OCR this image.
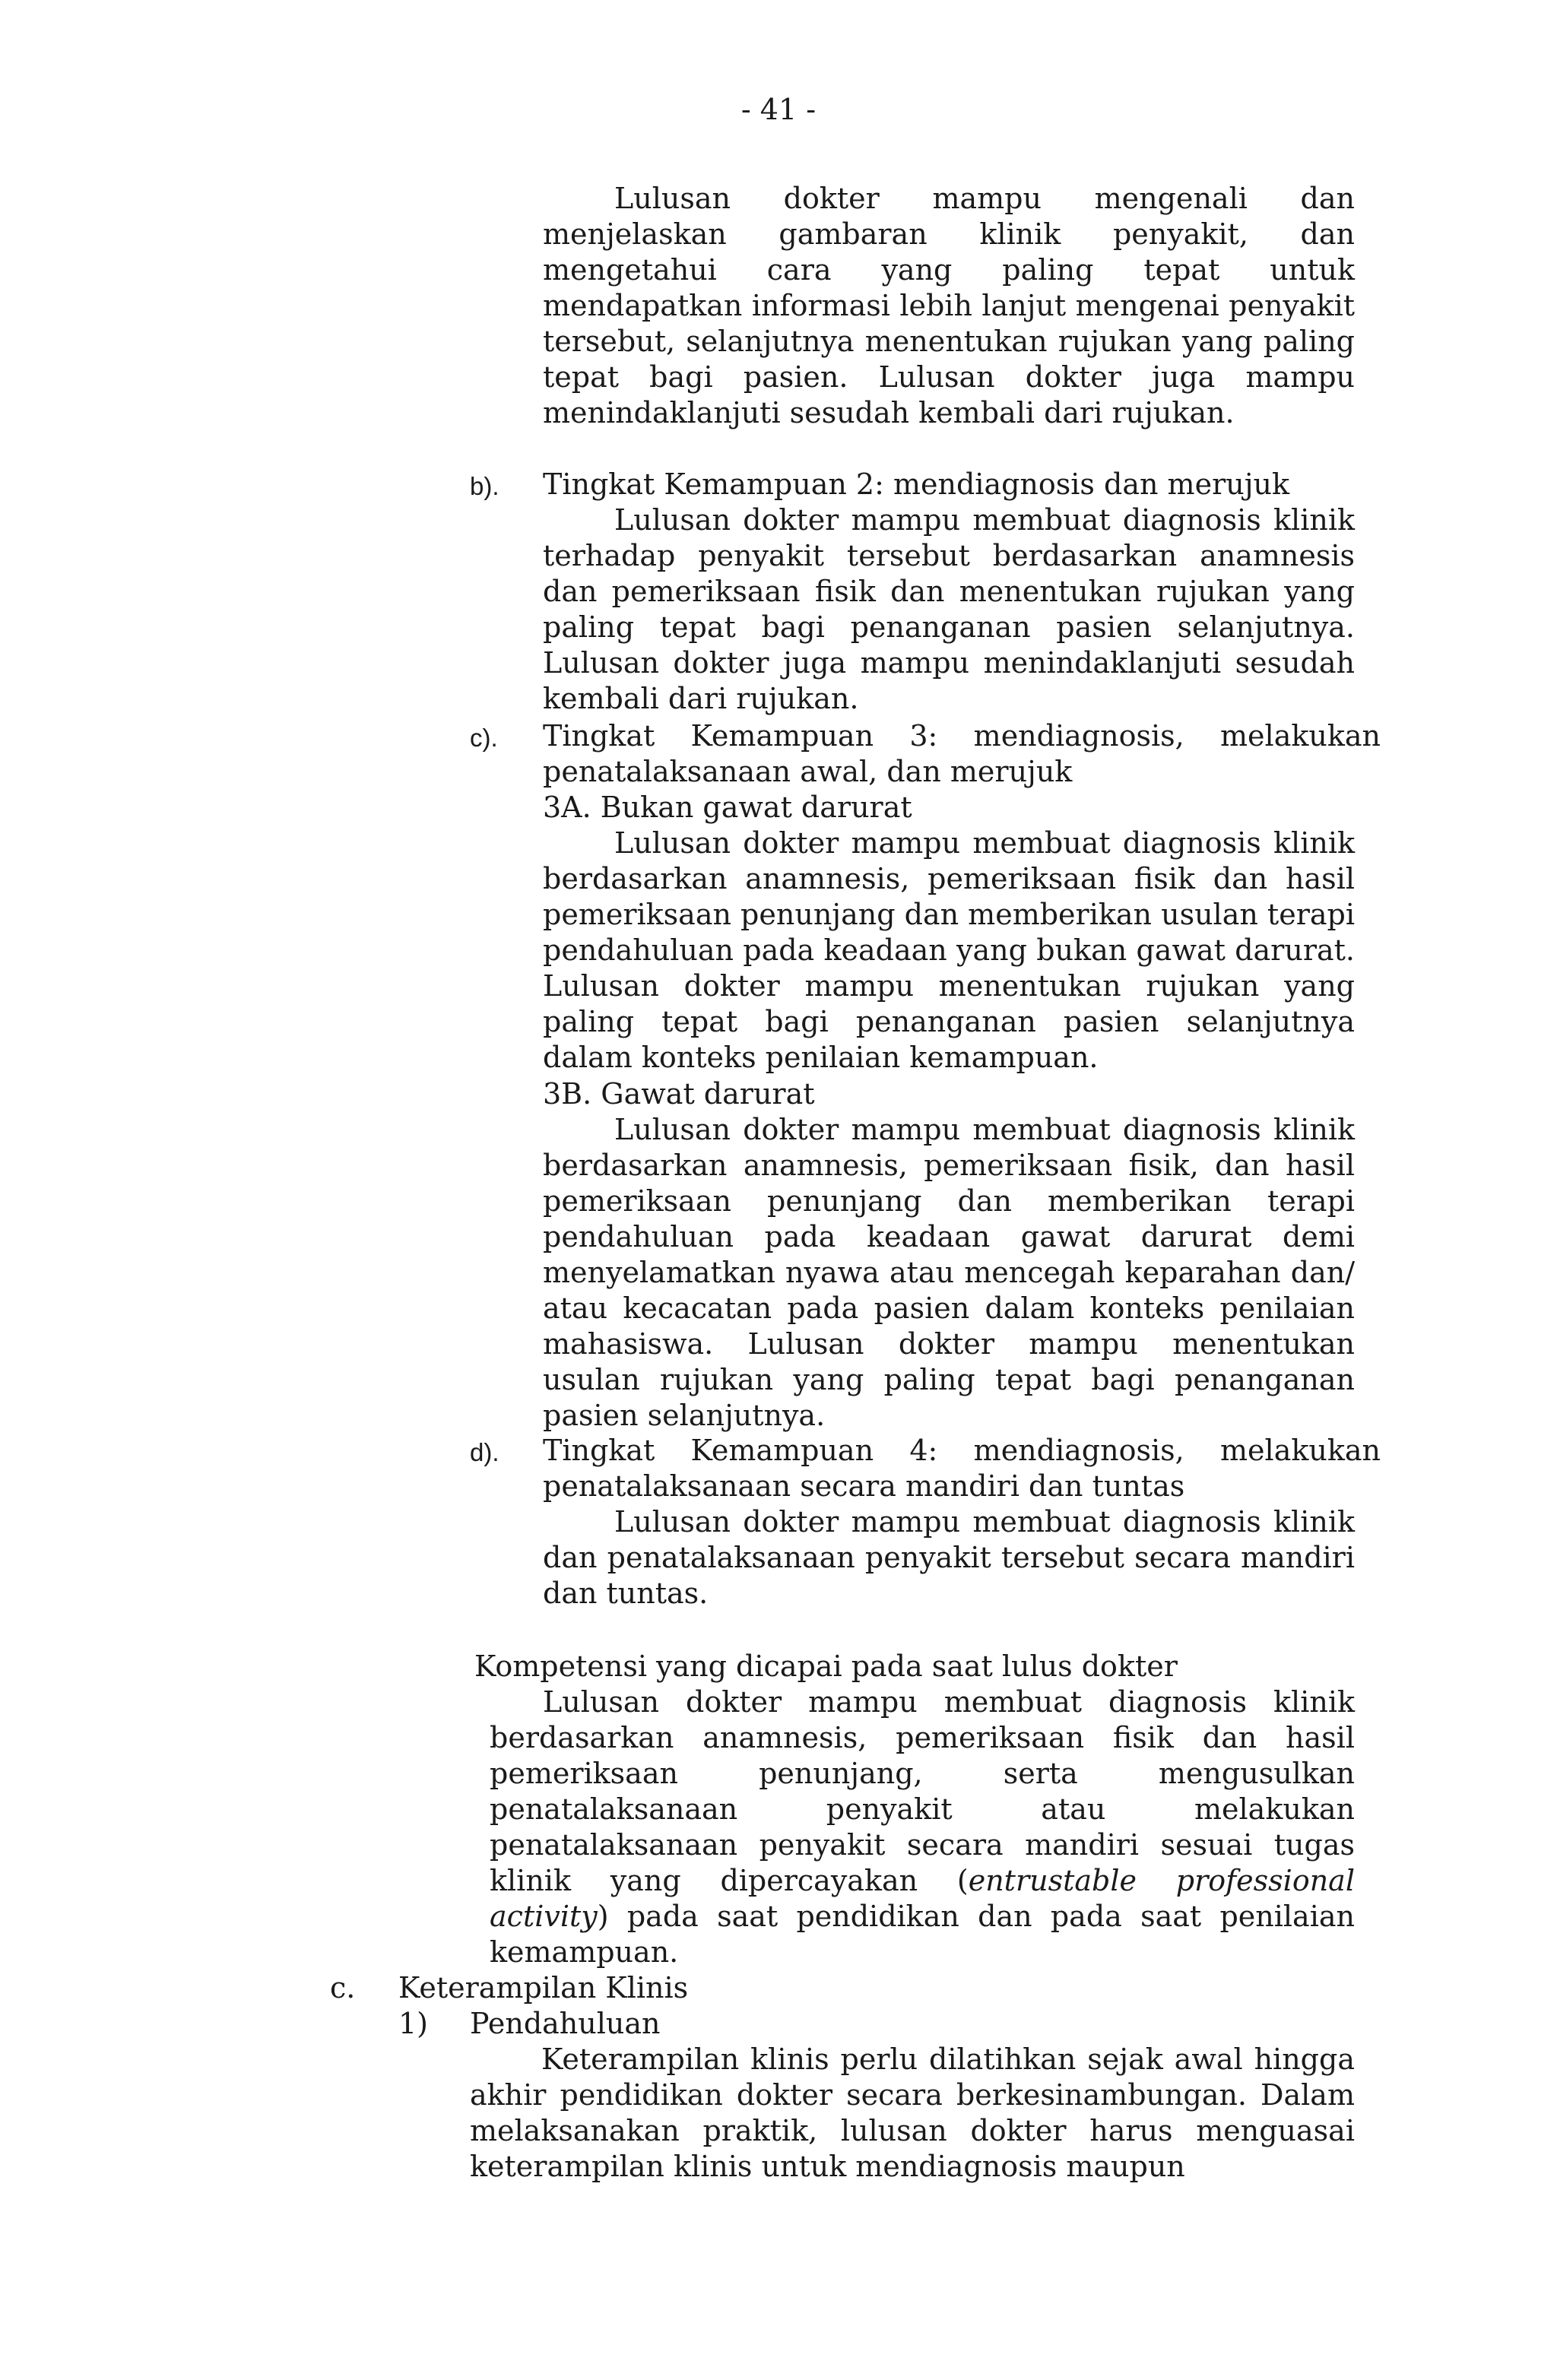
- 41 -
Lulusan dokter mampu mengenali dan menjelaskan gambaran klinik penyakit, dan mengetahui cara yang paling tepat untuk mendapatkan informasi lebih lanjut mengenai penyakit tersebut, selanjutnya menentukan rujukan yang paling tepat bagi pasien. Lulusan dokter juga mampu menindaklanjuti sesudah kembali dari rujukan.
b). Tingkat Kemampuan 2: mendiagnosis dan merujuk
Lulusan dokter mampu membuat diagnosis klinik terhadap penyakit tersebut berdasarkan anamnesis dan pemeriksaan fisik dan menentukan rujukan yang paling tepat bagi penanganan pasien selanjutnya. Lulusan dokter juga mampu menindaklanjuti sesudah kembali dari rujukan.
c). Tingkat Kemampuan 3: mendiagnosis, melakukan penatalaksanaan awal, dan merujuk
3A. Bukan gawat darurat
Lulusan dokter mampu membuat diagnosis klinik berdasarkan anamnesis, pemeriksaan fisik dan hasil pemeriksaan penunjang dan memberikan usulan terapi pendahuluan pada keadaan yang bukan gawat darurat. Lulusan dokter mampu menentukan rujukan yang paling tepat bagi penanganan pasien selanjutnya dalam konteks penilaian kemampuan.
3B. Gawat darurat
Lulusan dokter mampu membuat diagnosis klinik berdasarkan anamnesis, pemeriksaan fisik, dan hasil pemeriksaan penunjang dan memberikan terapi pendahuluan pada keadaan gawat darurat demi menyelamatkan nyawa atau mencegah keparahan dan/ atau kecacatan pada pasien dalam konteks penilaian mahasiswa. Lulusan dokter mampu menentukan usulan rujukan yang paling tepat bagi penanganan pasien selanjutnya.
d). Tingkat Kemampuan 4: mendiagnosis, melakukan penatalaksanaan secara mandiri dan tuntas
Lulusan dokter mampu membuat diagnosis klinik dan penatalaksanaan penyakit tersebut secara mandiri dan tuntas.
Kompetensi yang dicapai pada saat lulus dokter
Lulusan dokter mampu membuat diagnosis klinik berdasarkan anamnesis, pemeriksaan fisik dan hasil pemeriksaan penunjang, serta mengusulkan penatalaksanaan penyakit atau melakukan penatalaksanaan penyakit secara mandiri sesuai tugas klinik yang dipercayakan (entrustable professional activity) pada saat pendidikan dan pada saat penilaian kemampuan.
c. Keterampilan Klinis
1) Pendahuluan
Keterampilan klinis perlu dilatihkan sejak awal hingga akhir pendidikan dokter secara berkesinambungan. Dalam melaksanakan praktik, lulusan dokter harus menguasai keterampilan klinis untuk mendiagnosis maupun
